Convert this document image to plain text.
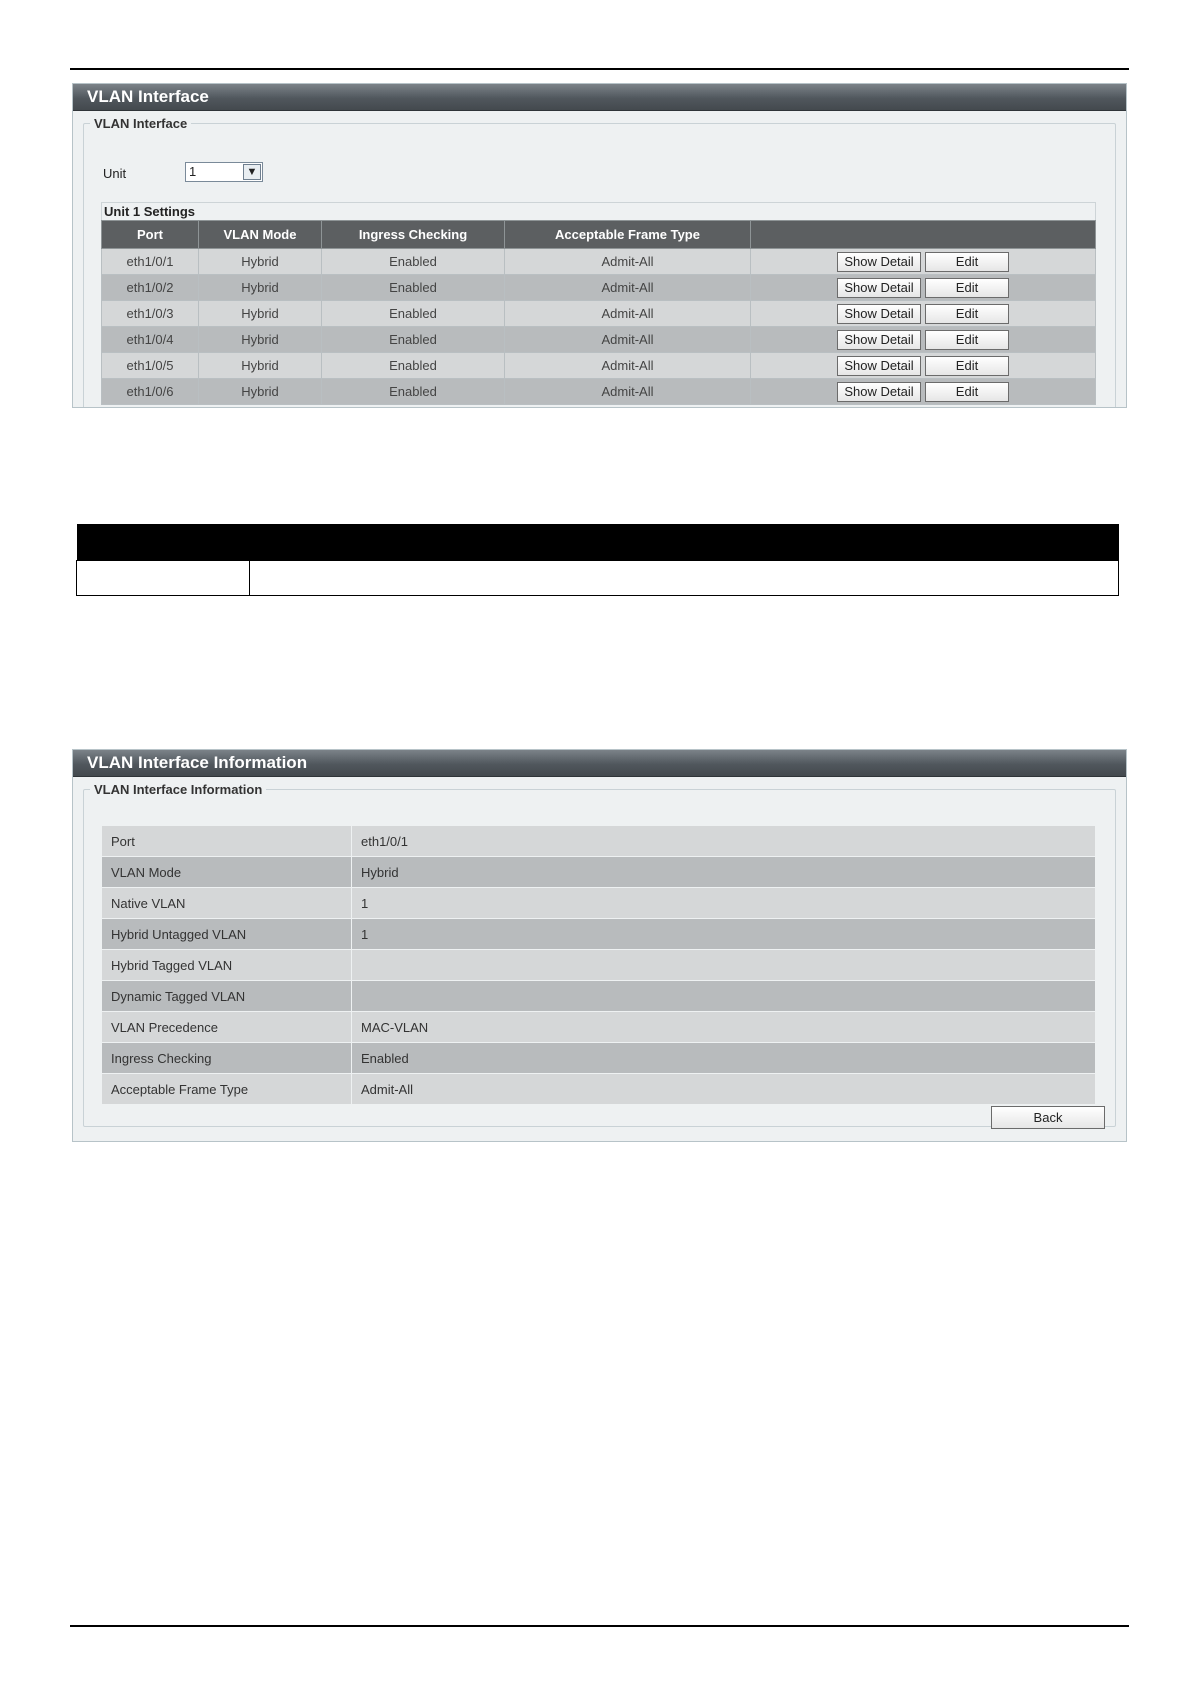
VLAN Interface
VLAN Interface
Unit	1	▼
Unit 1 Settings
Port	VLAN Mode	Ingress Checking	Acceptable Frame Type	
eth1/0/1	Hybrid	Enabled	Admit-All	Show Detail Edit
eth1/0/2	Hybrid	Enabled	Admit-All	Show Detail Edit
eth1/0/3	Hybrid	Enabled	Admit-All	Show Detail Edit
eth1/0/4	Hybrid	Enabled	Admit-All	Show Detail Edit
eth1/0/5	Hybrid	Enabled	Admit-All	Show Detail Edit
eth1/0/6	Hybrid	Enabled	Admit-All	Show Detail Edit

VLAN Interface Information
VLAN Interface Information
Port	eth1/0/1
VLAN Mode	Hybrid
Native VLAN	1
Hybrid Untagged VLAN	1
Hybrid Tagged VLAN	
Dynamic Tagged VLAN	
VLAN Precedence	MAC-VLAN
Ingress Checking	Enabled
Acceptable Frame Type	Admit-All
Back
